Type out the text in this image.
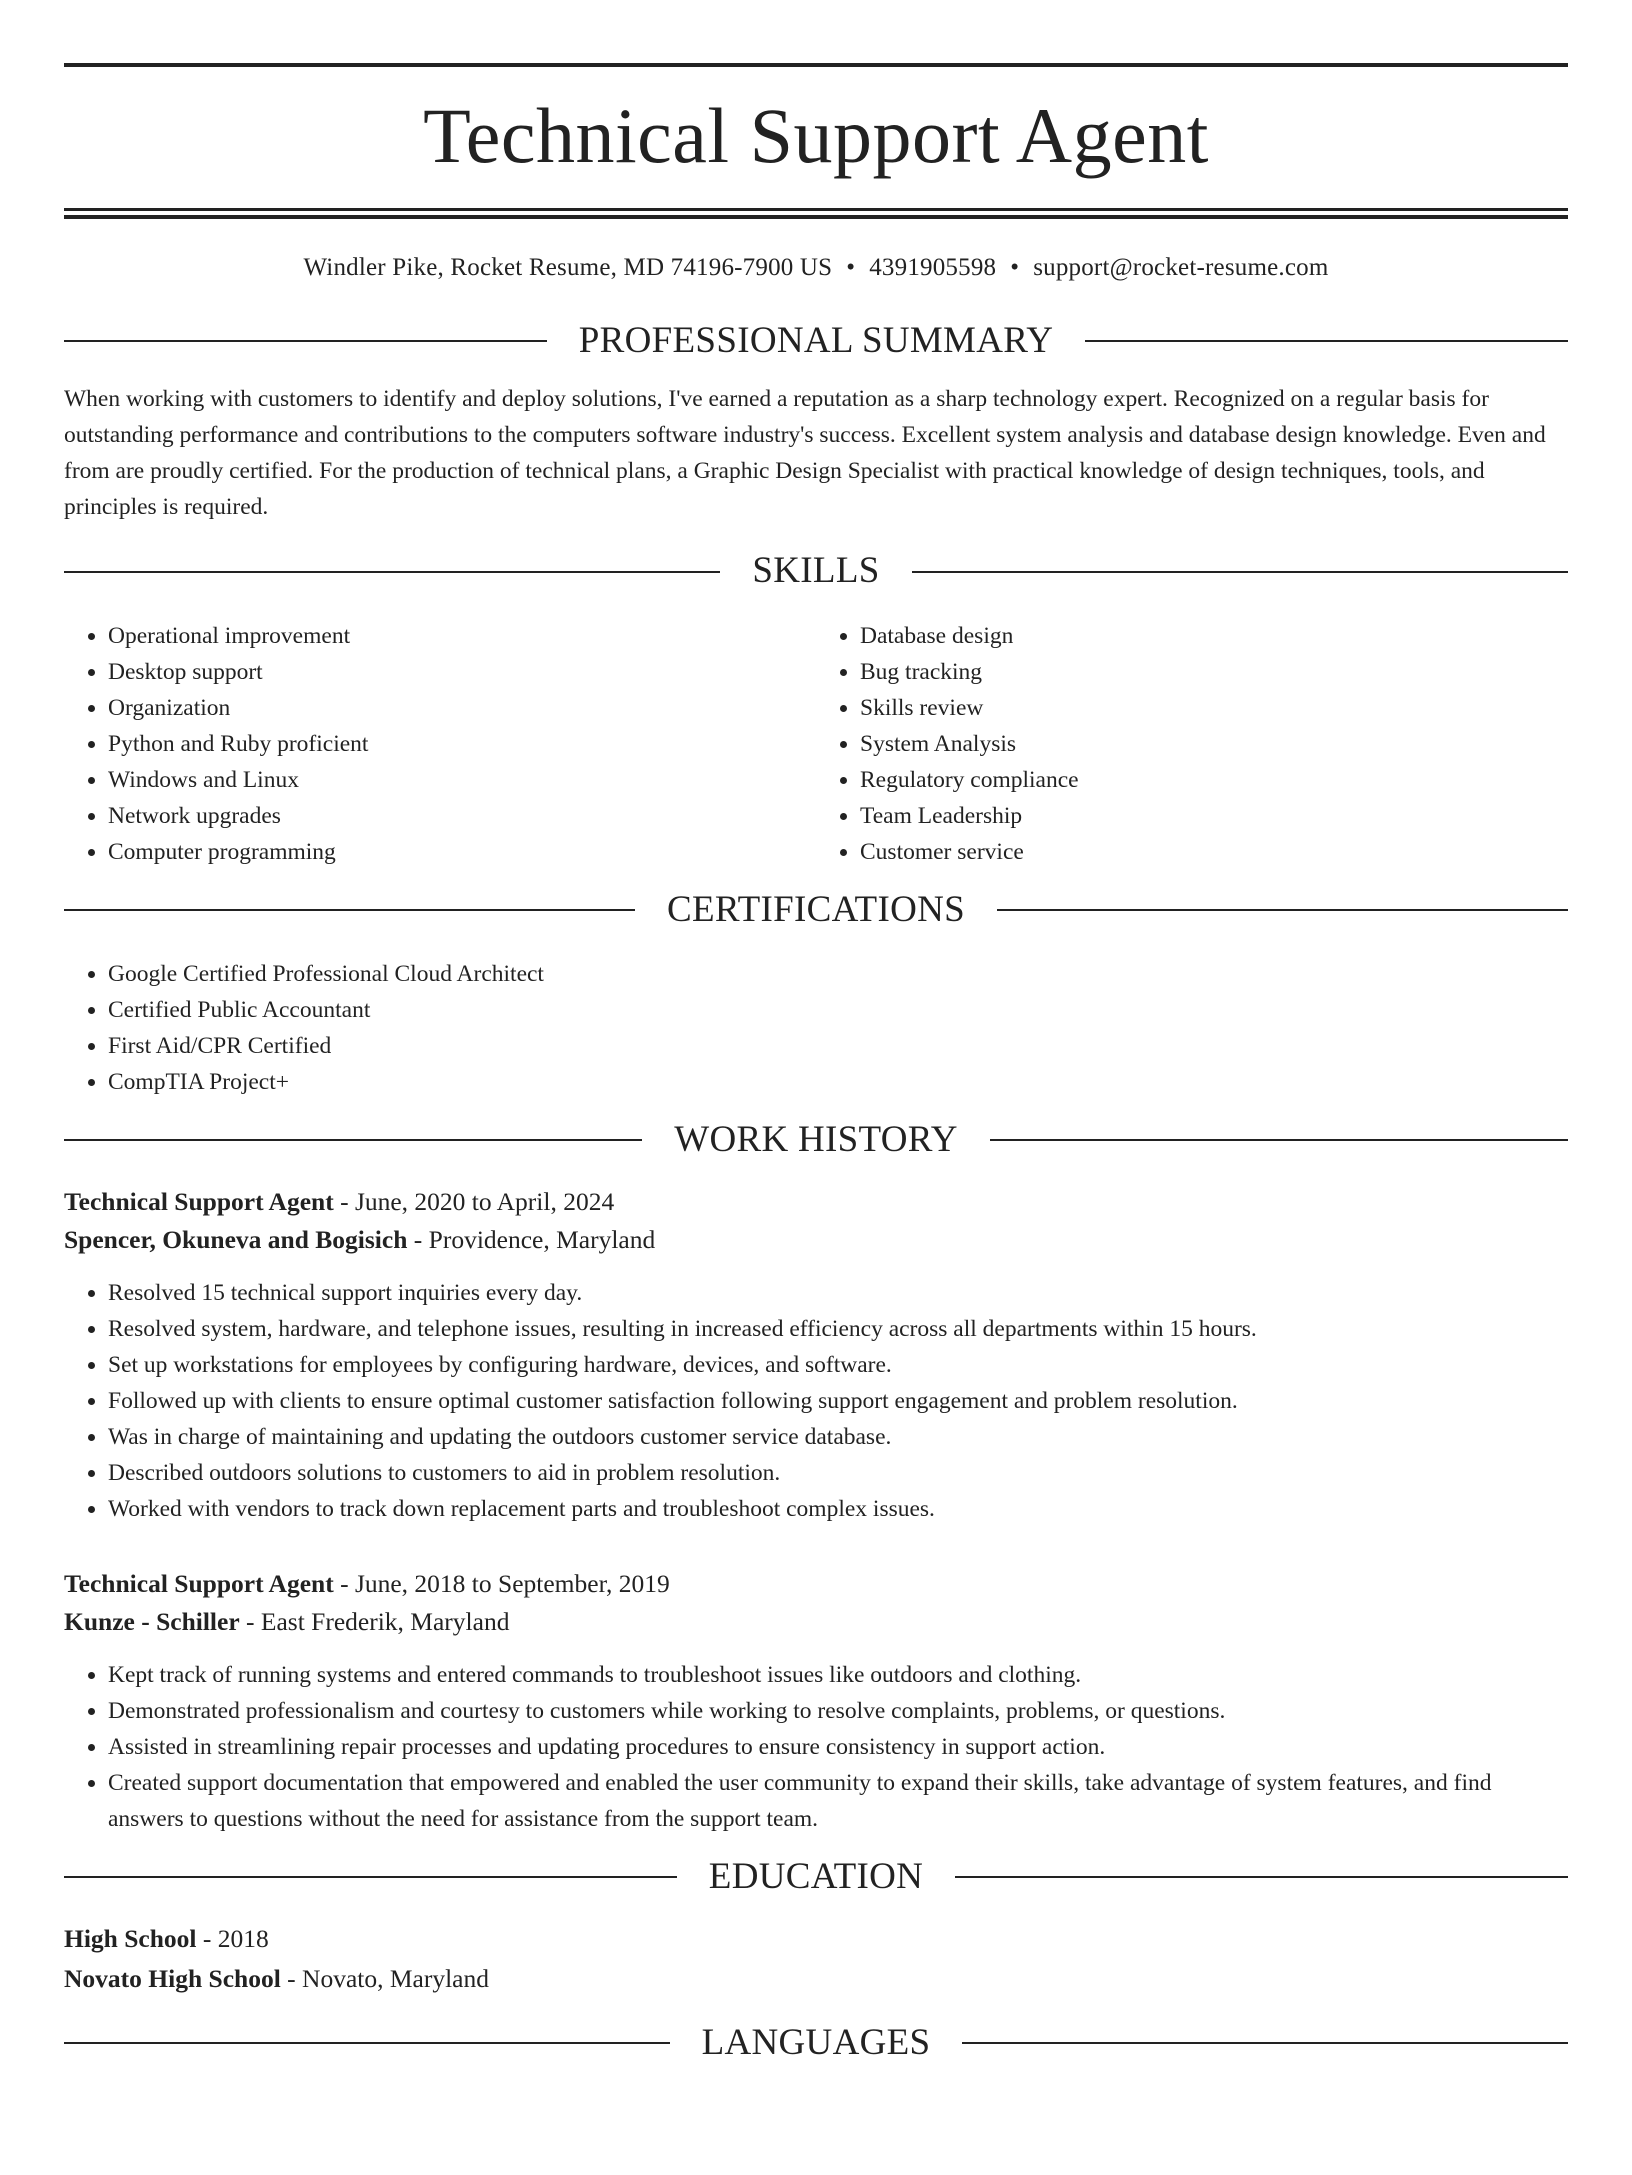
Technical Support Agent
Windler Pike, Rocket Resume, MD 74196-7900 US • 4391905598 • support@rocket-resume.com
PROFESSIONAL SUMMARY

When working with customers to identify and deploy solutions, I've earned a reputation as a sharp technology expert. Recognized on a regular basis for outstanding performance and contributions to the computers software industry's success. Excellent system analysis and database design knowledge. Even and from are proudly certified. For the production of technical plans, a Graphic Design Specialist with practical knowledge of design techniques, tools, and principles is required.

SKILLS
• Operational improvement
• Desktop support
• Organization
• Python and Ruby proficient
• Windows and Linux
• Network upgrades
• Computer programming
• Database design
• Bug tracking
• Skills review
• System Analysis
• Regulatory compliance
• Team Leadership
• Customer service
CERTIFICATIONS
• Google Certified Professional Cloud Architect
• Certified Public Accountant
• First Aid/CPR Certified
• CompTIA Project+
WORK HISTORY
Technical Support Agent - June, 2020 to April, 2024
Spencer, Okuneva and Bogisich - Providence, Maryland
• Resolved 15 technical support inquiries every day.
• Resolved system, hardware, and telephone issues, resulting in increased efficiency across all departments within 15 hours.
• Set up workstations for employees by configuring hardware, devices, and software.
• Followed up with clients to ensure optimal customer satisfaction following support engagement and problem resolution.
• Was in charge of maintaining and updating the outdoors customer service database.
• Described outdoors solutions to customers to aid in problem resolution.
• Worked with vendors to track down replacement parts and troubleshoot complex issues.
Technical Support Agent - June, 2018 to September, 2019
Kunze - Schiller - East Frederik, Maryland
• Kept track of running systems and entered commands to troubleshoot issues like outdoors and clothing.
• Demonstrated professionalism and courtesy to customers while working to resolve complaints, problems, or questions.
• Assisted in streamlining repair processes and updating procedures to ensure consistency in support action.
• Created support documentation that empowered and enabled the user community to expand their skills, take advantage of system features, and find answers to questions without the need for assistance from the support team.
EDUCATION
High School - 2018
Novato High School - Novato, Maryland
LANGUAGES
